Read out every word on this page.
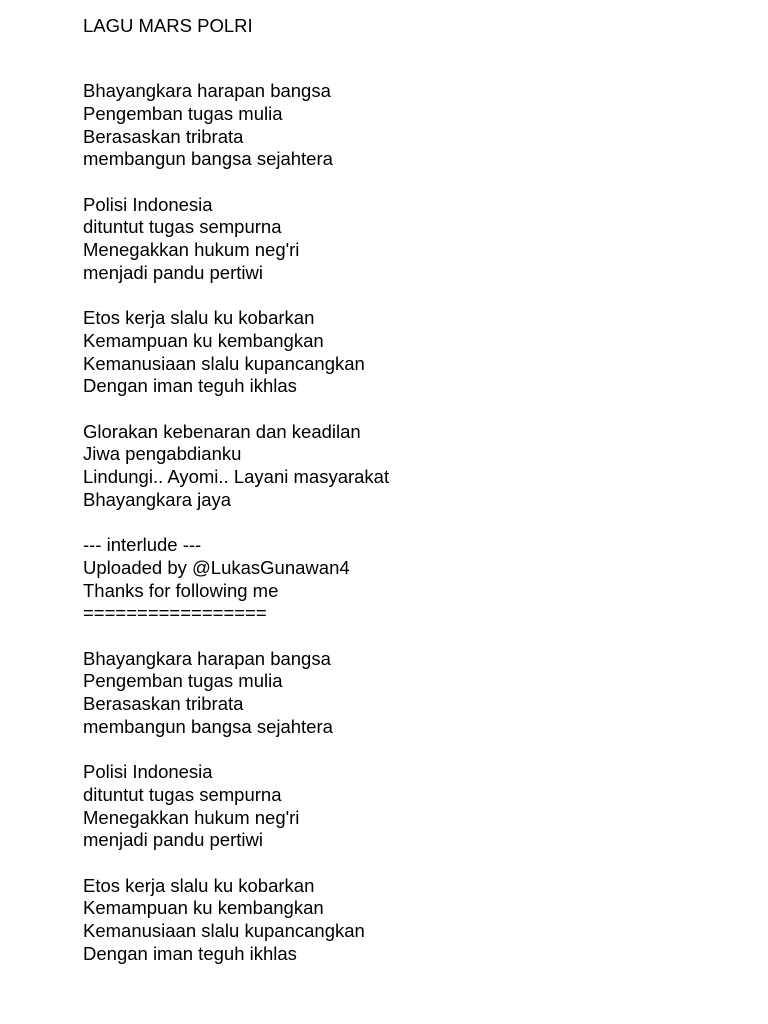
LAGU MARS POLRI
Bhayangkara harapan bangsa
Pengemban tugas mulia
Berasaskan tribrata
membangun bangsa sejahtera
Polisi Indonesia
dituntut tugas sempurna
Menegakkan hukum neg'ri
menjadi pandu pertiwi
Etos kerja slalu ku kobarkan
Kemampuan ku kembangkan
Kemanusiaan slalu kupancangkan
Dengan iman teguh ikhlas
Glorakan kebenaran dan keadilan
Jiwa pengabdianku
Lindungi.. Ayomi.. Layani masyarakat
Bhayangkara jaya
--- interlude ---
Uploaded by @LukasGunawan4
Thanks for following me
=================
Bhayangkara harapan bangsa
Pengemban tugas mulia
Berasaskan tribrata
membangun bangsa sejahtera
Polisi Indonesia
dituntut tugas sempurna
Menegakkan hukum neg'ri
menjadi pandu pertiwi
Etos kerja slalu ku kobarkan
Kemampuan ku kembangkan
Kemanusiaan slalu kupancangkan
Dengan iman teguh ikhlas
